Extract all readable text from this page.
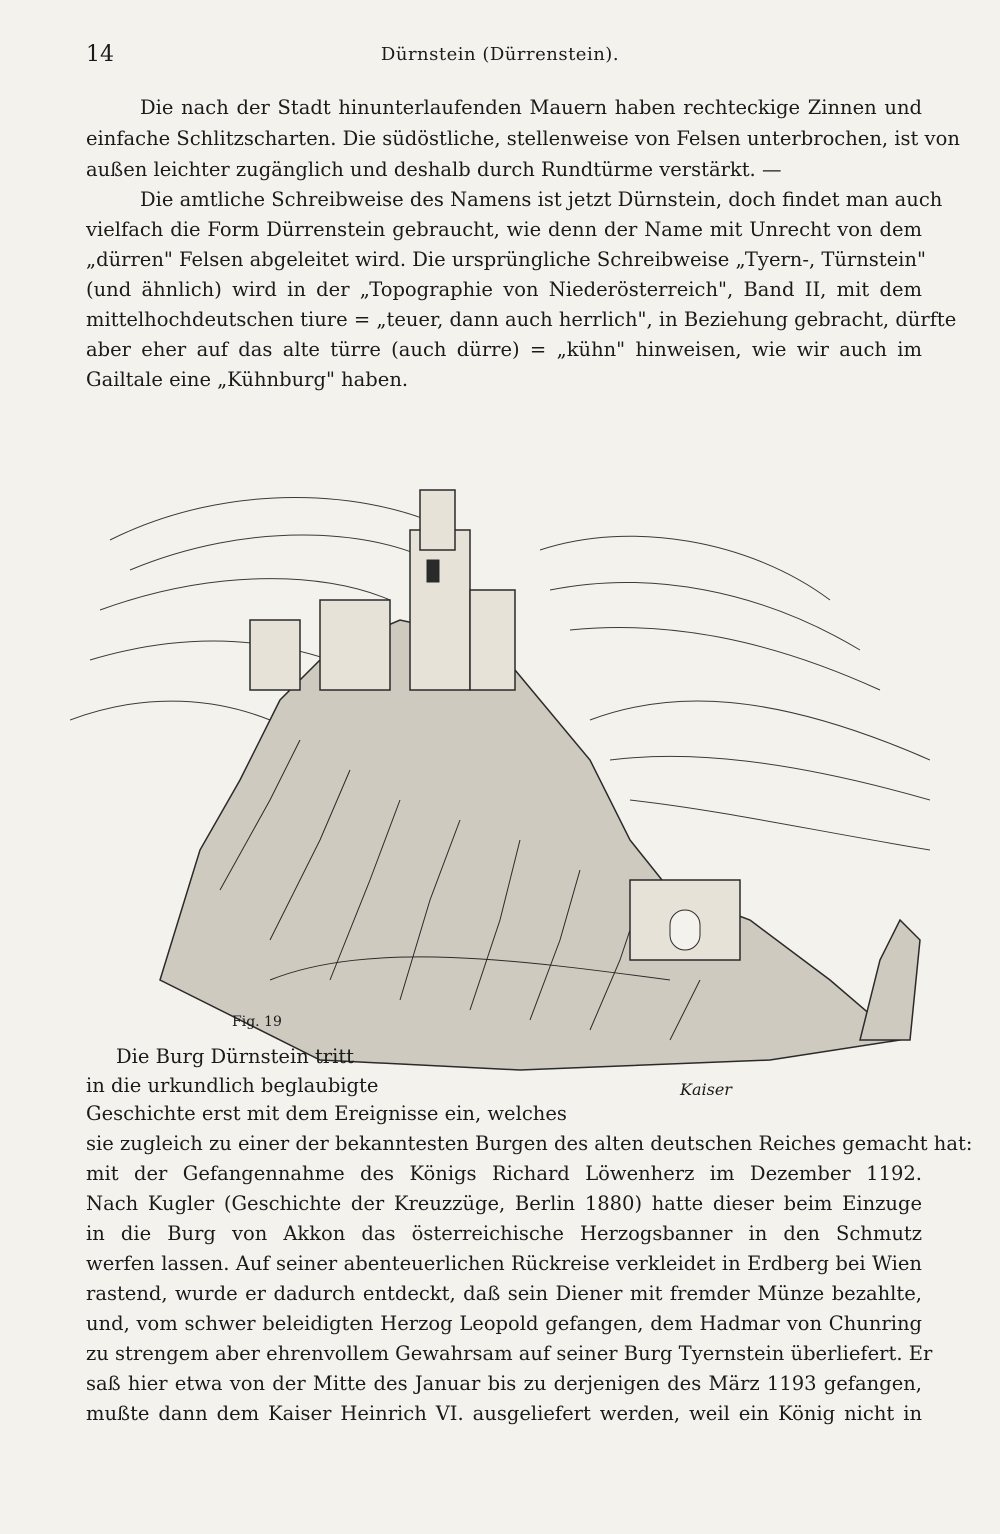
14	Dürnstein (Dürrenstein).
Die nach der Stadt hinunterlaufenden Mauern haben rechteckige Zinnen und
einfache Schlitzscharten. Die südöstliche, stellenweise von Felsen unterbrochen, ist von
außen leichter zugänglich und deshalb durch Rundtürme verstärkt. —
Die amtliche Schreibweise des Namens ist jetzt Dürnstein, doch findet man auch
vielfach die Form Dürrenstein gebraucht, wie denn der Name mit Unrecht von dem
„dürren" Felsen abgeleitet wird. Die ursprüngliche Schreibweise „Tyern-, Türnstein"
(und ähnlich) wird in der „Topographie von Niederösterreich", Band II, mit dem
mittelhochdeutschen tiure = „teuer, dann auch herrlich", in Beziehung gebracht, dürfte
aber eher auf das alte türre (auch dürre) = „kühn" hinweisen, wie wir auch im
Gailtale eine „Kühnburg" haben.
Fig. 19
Kaiser
Die Burg Dürnstein tritt
in die urkundlich beglaubigte
Geschichte erst mit dem Ereignisse ein, welches
sie zugleich zu einer der bekanntesten Burgen des alten deutschen Reiches gemacht hat:
mit der Gefangennahme des Königs Richard Löwenherz im Dezember 1192.
Nach Kugler (Geschichte der Kreuzzüge, Berlin 1880) hatte dieser beim Einzuge
in die Burg von Akkon das österreichische Herzogsbanner in den Schmutz
werfen lassen. Auf seiner abenteuerlichen Rückreise verkleidet in Erdberg bei Wien
rastend, wurde er dadurch entdeckt, daß sein Diener mit fremder Münze bezahlte,
und, vom schwer beleidigten Herzog Leopold gefangen, dem Hadmar von Chunring
zu strengem aber ehrenvollem Gewahrsam auf seiner Burg Tyernstein überliefert. Er
saß hier etwa von der Mitte des Januar bis zu derjenigen des März 1193 gefangen,
mußte dann dem Kaiser Heinrich VI. ausgeliefert werden, weil ein König nicht in
